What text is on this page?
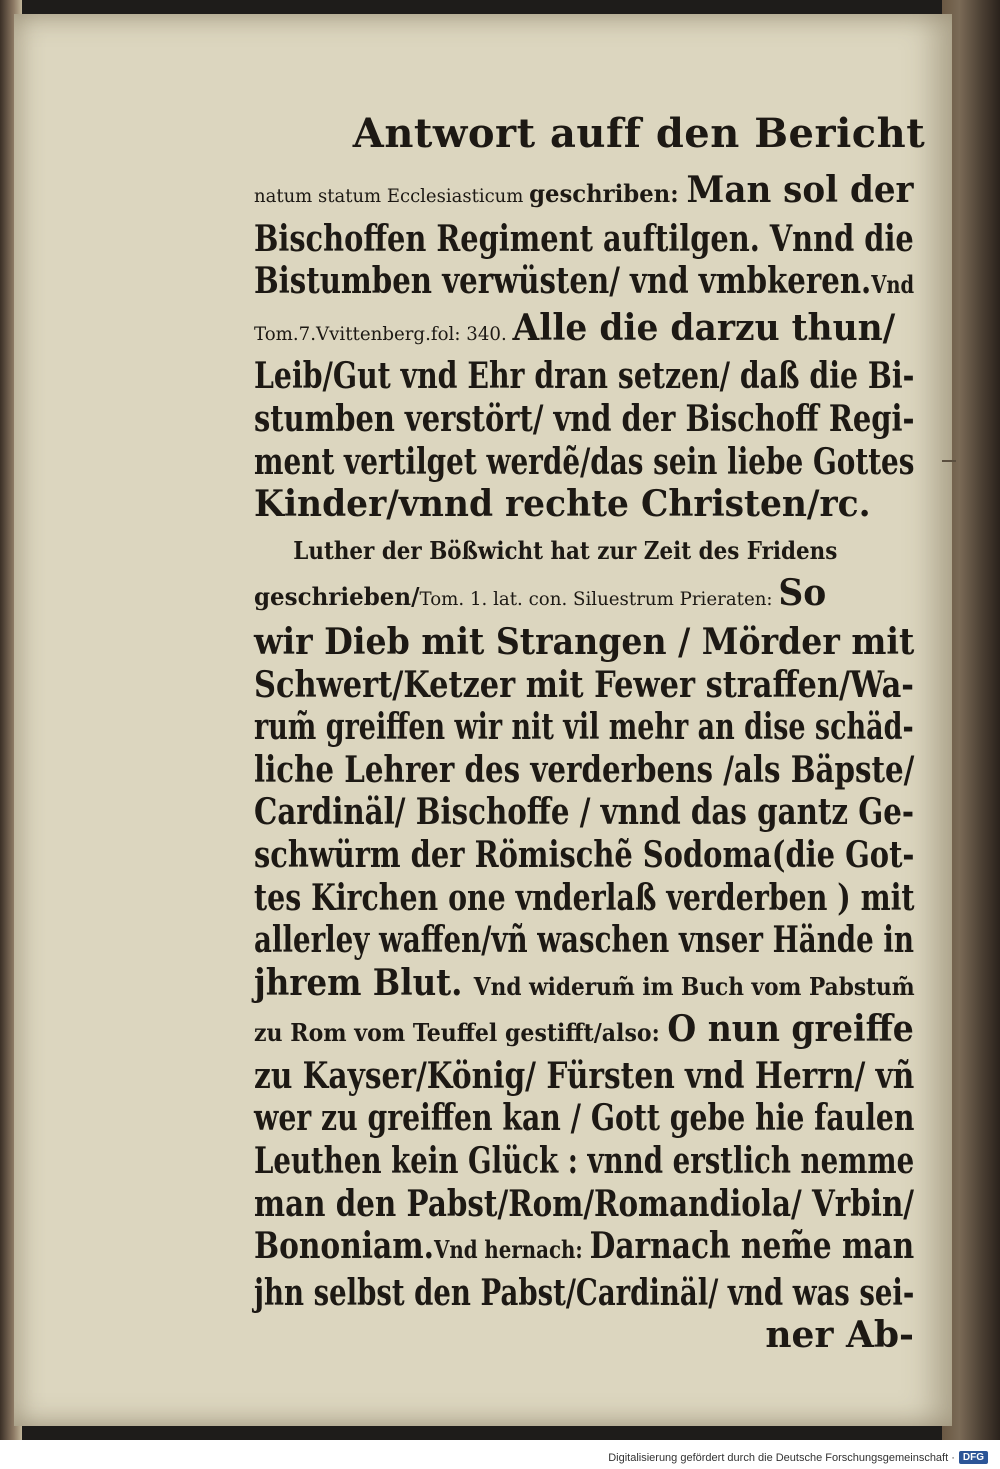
Antwort auff den Bericht
natum statum Ecclesiasticum geschriben: Man sol der
Bischoffen Regiment auftilgen. Vnnd die
Bistumben verwüsten/ vnd vmbkeren.Vnd
Tom.7.Vvittenberg.fol: 340. Alle die darzu thun/
Leib/Gut vnd Ehr dran setzen/ daß die Bi-
stumben verstört/ vnd der Bischoff Regi-
ment vertilget werdẽ/das sein liebe Gottes
Kinder/vnnd rechte Christen/rc.
Luther der Bößwicht hat zur Zeit des Fridens
geschrieben/Tom. 1. lat. con. Siluestrum Prieraten: So
wir Dieb mit Strangen / Mörder mit
Schwert/Ketzer mit Fewer straffen/Wa-
rum̃ greiffen wir nit vil mehr an dise schäd-
liche Lehrer des verderbens /als Bäpste/
Cardinäl/ Bischoffe / vnnd das gantz Ge-
schwürm der Römischẽ Sodoma(die Got-
tes Kirchen one vnderlaß verderben ) mit
allerley waffen/vñ waschen vnser Hände in
jhrem Blut. Vnd widerum̃ im Buch vom Pabstum̃
zu Rom vom Teuffel gestifft/also: O nun greiffe
zu Kayser/König/ Fürsten vnd Herrn/ vñ
wer zu greiffen kan / Gott gebe hie faulen
Leuthen kein Glück : vnnd erstlich nemme
man den Pabst/Rom/Romandiola/ Vrbin/
Bononiam.Vnd hernach: Darnach nem̃e man
jhn selbst den Pabst/Cardinäl/ vnd was sei-
ner Ab-
Digitalisierung gefördert durch die Deutsche Forschungsgemeinschaft · DFG
